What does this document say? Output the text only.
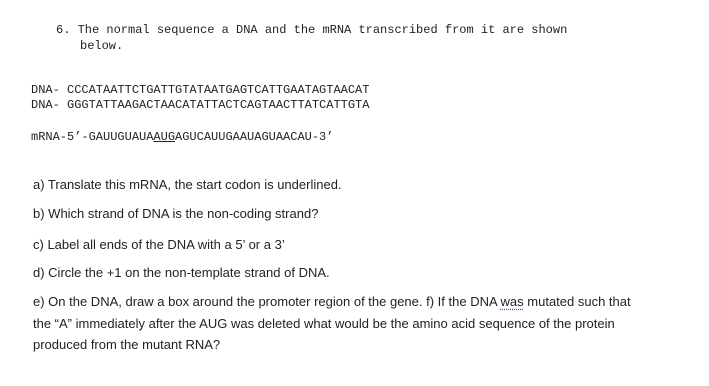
6. The normal sequence a DNA and the mRNA transcribed from it are shown
below.
DNA- CCCATAATTCTGATTGTATAATGAGTCATTGAATAGTAACAT
DNA- GGGTATTAAGACTAACATATTACTCAGTAACTTATCATTGTA
mRNA-5’-GAUUGUAUAAUGAGUCAUUGAAUAGUAACAU-3’
a) Translate this mRNA, the start codon is underlined.
b) Which strand of DNA is the non-coding strand?
c) Label all ends of the DNA with a 5’ or a 3’
d) Circle the +1 on the non-template strand of DNA.
e) On the DNA, draw a box around the promoter region of the gene. f) If the DNA was mutated such that
the “A” immediately after the AUG was deleted what would be the amino acid sequence of the protein
produced from the mutant RNA?
